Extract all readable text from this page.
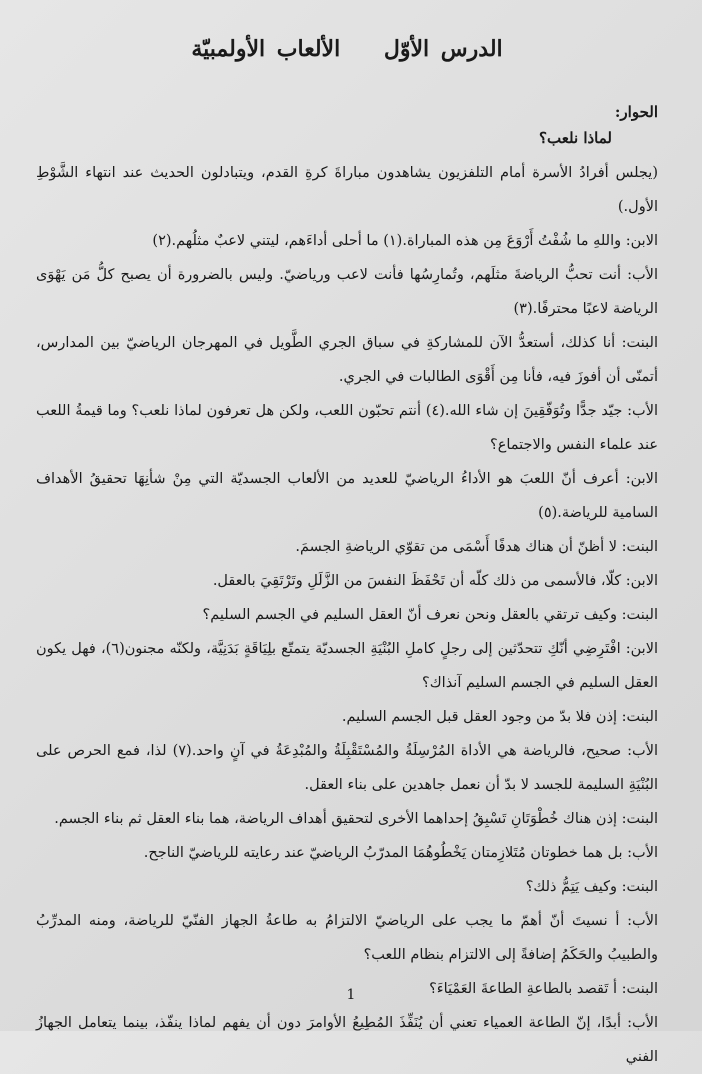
الدرس الأوّل الألعاب الأولمبيّة

الحوار:

لماذا نلعب؟

(يجلس أفرادُ الأسرة أمام التلفزيون يشاهدون مباراةَ كرةِ القدم، ويتبادلون الحديث عند انتهاء الشَّوْطِ الأول.)

الابن: واللهِ ما شُفْتُ أَرْوَعَ مِن هذه المباراة.(١) ما أحلى أداءَهم، ليتني لاعبٌ مثلُهم.(٢)

الأب: أنت تحبُّ الرياضةَ مثلَهم، وتُمارِسُها فأنت لاعب ورياضيّ. وليس بالضرورة أن يصبح كلُّ مَن يَهْوَى الرياضة لاعبًا محترفًا.(٣)

البنت: أنا كذلك، أستعدُّ الآن للمشاركةِ في سباق الجري الطَّويل في المهرجان الرياضيّ بين المدارس، أتمنّى أن أفوزَ فيه، فأنا مِن أَقْوَى الطالبات في الجري.

الأب: جيّد جدًّا وتُوَفّقِينَ إن شاء الله.(٤) أنتم تحبّون اللعب، ولكن هل تعرفون لماذا نلعب؟ وما قيمةُ اللعب عند علماء النفس والاجتماع؟

الابن: أعرف أنّ اللعبَ هو الأداءُ الرياضيّ للعديد من الألعاب الجسديّة التي مِنْ شأنِهَا تحقيقُ الأهداف السامية للرياضة.(٥)

البنت: لا أظنّ أن هناك هدفًا أَسْمَى من تقوّي الرياضةِ الجسمَ.

الابن: كلّا، فالأسمى من ذلك كلّه أن تَحْفَظَ النفسَ من الزَّلَلِ وتَرْتَقِيَ بالعقل.

البنت: وكيف ترتقي بالعقل ونحن نعرف أنّ العقل السليم في الجسم السليم؟

الابن: افْتَرِضِي أنّكِ تتحدّثين إلى رجلٍ كاملِ البُنْيَةِ الجسديّة يتمتّع بلِيَاقَةٍ بَدَنِيَّة، ولكنّه مجنون(٦)، فهل يكون العقل السليم في الجسم السليم آنذاك؟

البنت: إذن فلا بدّ من وجود العقل قبل الجسم السليم.

الأب: صحيح، فالرياضة هي الأداة المُرْسِلَةُ والمُسْتَقْبِلَةُ والمُبْدِعَةُ في آنٍ واحد.(٧) لذا، فمع الحرص على البُنْيَةِ السليمة للجسد لا بدّ أن نعمل جاهدين على بناء العقل.

البنت: إذن هناك خُطْوَتَانِ تَسْبِقُ إحداهما الأخرى لتحقيق أهداف الرياضة، هما بناء العقل ثم بناء الجسم.

الأب: بل هما خطوتان مُتَلازِمتان يَخْطُوهُمَا المدرّبُ الرياضيّ عند رعايته للرياضيّ الناجح.

البنت: وكيف يَتِمُّ ذلك؟

الأب: أ نسيتَ أنّ أهمّ ما يجب على الرياضيّ الالتزامُ به طاعةُ الجهاز الفنّيّ للرياضة، ومنه المدرِّبُ والطبيبُ والحَكَمُ إضافةً إلى الالتزام بنظام اللعب؟

البنت: أ تَقصد بالطاعةِ الطاعةَ العَمْيَاءَ؟

الأب: أبدًا، إنّ الطاعة العمياء تعني أن يُنَفِّذَ المُطِيعُ الأوامرَ دون أن يفهم لماذا ينفّذ، بينما يتعامل الجهازُ الفني

1
